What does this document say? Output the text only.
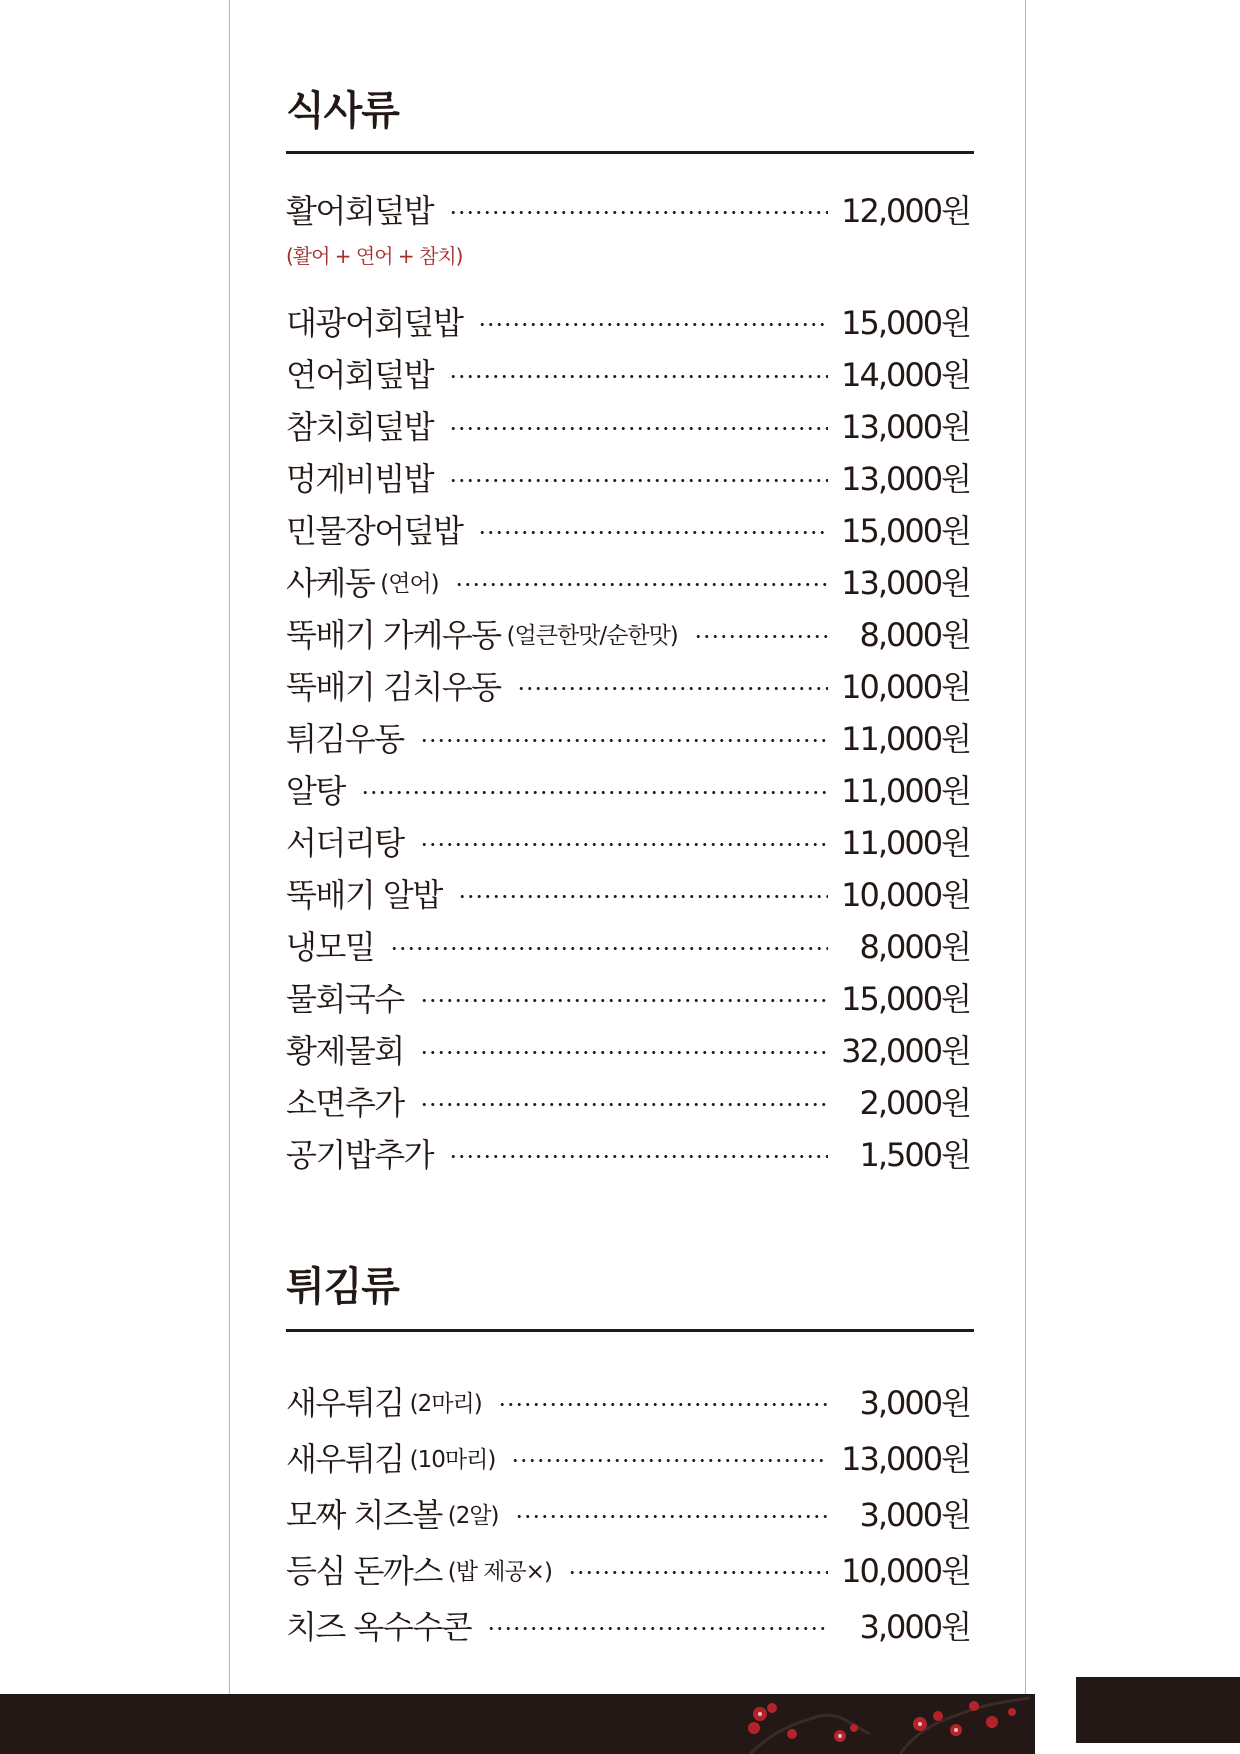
식사류
활어회덮밥	12,000원
(활어 + 연어 + 참치)
대광어회덮밥	15,000원
연어회덮밥	14,000원
참치회덮밥	13,000원
멍게비빔밥	13,000원
민물장어덮밥	15,000원
사케동 (연어)	13,000원
뚝배기 가케우동 (얼큰한맛/순한맛)	8,000원
뚝배기 김치우동	10,000원
튀김우동	11,000원
알탕	11,000원
서더리탕	11,000원
뚝배기 알밥	10,000원
냉모밀	8,000원
물회국수	15,000원
황제물회	32,000원
소면추가	2,000원
공기밥추가	1,500원
튀김류
새우튀김 (2마리)	3,000원
새우튀김 (10마리)	13,000원
모짜 치즈볼 (2알)	3,000원
등심 돈까스 (밥 제공×)	10,000원
치즈 옥수수콘	3,000원
